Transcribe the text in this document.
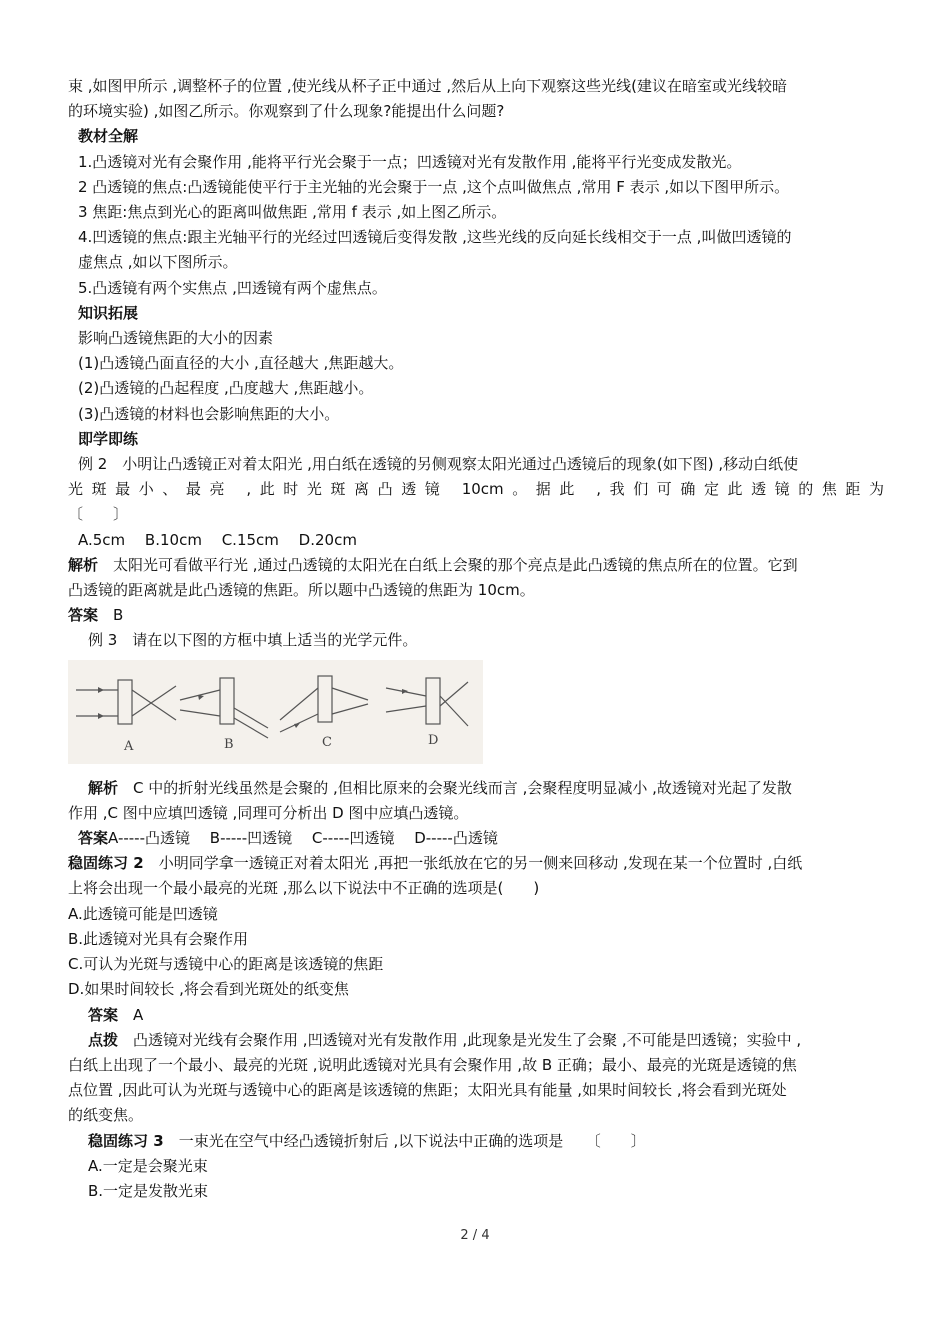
束 ,如图甲所示 ,调整杯子的位置 ,使光线从杯子正中通过 ,然后从上向下观察这些光线(建议在暗室或光线较暗

的环境实验) ,如图乙所示。你观察到了什么现象?能提出什么问题?

教材全解

1.凸透镜对光有会聚作用 ,能将平行光会聚于一点；凹透镜对光有发散作用 ,能将平行光变成发散光。

2 凸透镜的焦点:凸透镜能使平行于主光轴的光会聚于一点 ,这个点叫做焦点 ,常用 F 表示 ,如以下图甲所示。

3 焦距:焦点到光心的距离叫做焦距 ,常用 f 表示 ,如上图乙所示。

4.凹透镜的焦点:跟主光轴平行的光经过凹透镜后变得发散 ,这些光线的反向延长线相交于一点 ,叫做凹透镜的

虚焦点 ,如以下图所示。

5.凸透镜有两个实焦点 ,凹透镜有两个虚焦点。

知识拓展

影响凸透镜焦距的大小的因素

(1)凸透镜凸面直径的大小 ,直径越大 ,焦距越大。

(2)凸透镜的凸起程度 ,凸度越大 ,焦距越小。

(3)凸透镜的材料也会影响焦距的大小。

即学即练

例 2　小明让凸透镜正对着太阳光 ,用白纸在透镜的另侧观察太阳光通过凸透镜后的现象(如下图) ,移动白纸使

光斑最小、最亮 ,此时光斑离凸透镜 10cm。据此 ,我们可确定此透镜的焦距为

〔　　〕

A.5cm　 B.10cm　 C.15cm　 D.20cm

解析　 太阳光可看做平行光 ,通过凸透镜的太阳光在白纸上会聚的那个亮点是此凸透镜的焦点所在的位置。它到

凸透镜的距离就是此凸透镜的焦距。所以题中凸透镜的焦距为 10cm。

答案　 B

例 3　请在以下图的方框中填上适当的光学元件。

A	B	C	D

解析　 C 中的折射光线虽然是会聚的 ,但相比原来的会聚光线而言 ,会聚程度明显减小 ,故透镜对光起了发散

作用 ,C 图中应填凹透镜 ,同理可分析出 D 图中应填凸透镜。

答案A-----凸透镜　 B-----凹透镜　 C-----凹透镜　 D-----凸透镜

稳固练习 2　 小明同学拿一透镜正对着太阳光 ,再把一张纸放在它的另一侧来回移动 ,发现在某一个位置时 ,白纸

上将会出现一个最小最亮的光斑 ,那么以下说法中不正确的选项是(　　)

A.此透镜可能是凹透镜

B.此透镜对光具有会聚作用

C.可认为光斑与透镜中心的距离是该透镜的焦距

D.如果时间较长 ,将会看到光斑处的纸变焦

答案　 A

点拨　 凸透镜对光线有会聚作用 ,凹透镜对光有发散作用 ,此现象是光发生了会聚 ,不可能是凹透镜；实验中 ,

白纸上出现了一个最小、最亮的光斑 ,说明此透镜对光具有会聚作用 ,故 B 正确；最小、最亮的光斑是透镜的焦

点位置 ,因此可认为光斑与透镜中心的距离是该透镜的焦距；太阳光具有能量 ,如果时间较长 ,将会看到光斑处

的纸变焦。

稳固练习 3　 一束光在空气中经凸透镜折射后 ,以下说法中正确的选项是　　〔　　〕

A.一定是会聚光束

B.一定是发散光束

2 / 4
